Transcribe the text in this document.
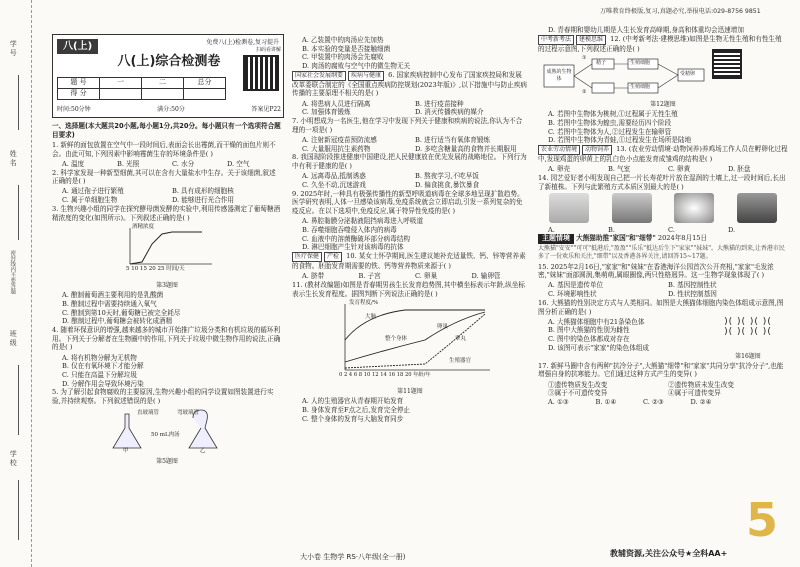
学号
姓名
密封线内不要答题
班级
学校
八(上)	免费八(上)检测卷,复习提升
八(上)综合检测卷
题 号	一	二	总分
得 分			
扫码看讲解
时间:50分钟	满分:50分	答案见P22
一、选择题(本大题共20小题,每小题1分,共20分。每小题只有一个选项符合题目要求)
1. 新鲜的面包放置在空气中一段时间后,表面会长出霉菌,而干燥的面包片则不会。由此可知,下列因素中影响霉菌生存的环境条件是( )
A. 温度	B. 光照	C. 水分	D. 空气
2. 科学家发现一种新型细菌,其可以在含有大量盐水中生存。关于该细菌,叙述正确的是( )
A. 通过孢子进行繁殖	B. 具有成形的细胞核
C. 属于单细胞生物	D. 能够进行光合作用
3. 生物兴趣小组的同学在探究酵母菌发酵的实验中,利用传感器测定了葡萄糖酒精浓度的变化(如图所示)。下列叙述正确的是( )
酒精浓度
5 10 15 20 25 时间/天
第3题图
A. 酿制葡萄酒主要利用的是乳酸菌
B. 酿制过程中需要持续通入氧气
C. 酿制到第10天时,葡萄糖已被完全耗尽
D. 酿制过程中,葡萄糖会被转化成酒精
4. 随着环保意识的增强,越来越多的城市开始推广垃圾分类和有机垃圾的循环利用。下列关于分解者在生物圈中的作用,下列关于垃圾中微生物作用的说法,正确的是( )
A. 将有机物分解为无机物
B. 仅在有氧环境下才能分解
C. 只能在高温下分解垃圾
D. 分解作用会导致环境污染
5. 为了解引起食物腐败的主要原因,生物兴趣小组的同学设置如图装置进行实验,并持续观察。下列叙述错误的是( )
直玻璃管	弯玻璃管
50 mL肉汤
甲	乙
第5题图
A. 乙装置中的肉汤应先加热
B. 本实验的变量是否接触细菌
C. 甲装置中的肉汤会先腐败
D. 肉汤的腐败与空气中的微生物无关
国家社会发展纲要 疾病与健康 6. 国家疾病控制中心发布了国家疾控局和发展改革委联合制定的《全国重点疾病防控规划(2023年版)》,以下措施中与防止疾病传播的主要原理不相关的是( )
A. 将患病人员进行隔离	B. 进行疫苗接种
C. 加强体育锻炼	D. 消灭传播疾病的媒介
7. 小明想成为一名医生,他在学习中发现下列关于健康和疾病的说法,你认为不合理的一项是( )
A. 注射新冠疫苗预防流感	B. 进行适当有氧体育锻炼
C. 大量服用抗生素药物	D. 多吃含糖量高的食物并长期服用
8. 我国现阶段推进健康中国建设,把人民健康放在优先发展的战略地位。下列行为中有利于健康的是( )
A. 远离毒品,抵制诱惑	B. 熬夜学习,不吃早饭
C. 久坐不动,沉迷游戏	D. 偏食挑食,暴饮暴食
9. 2025年时,一种具有极强传播性的新型呼吸道病毒在全球多地呈现扩散趋势。医学研究表明,人体一旦感染该病毒,免疫系统就会立即启动,引发一系列复杂的免疫反应。在以下选项中,免疫反应,属于特异性免疫的是( )
A. 鼻腔黏膜分泌黏液阻挡病毒进入呼吸道
B. 吞噬细胞吞噬侵入体内的病毒
C. 血液中的溶菌酶破坏部分病毒结构
D. 淋巴细胞产生针对该病毒的抗体
医疗保健 产检 10. 某女士怀孕期间,医生建议她补充适量铁、钙、锌等营养素的食物。胚胎发育期需要的铁、钙等营养物质来源于( )
A. 脐带	B. 子宫	C. 卵巢	D. 输卵管
11. (教材改编题)如图是青春期男孩生长发育趋势图,其中横坐标表示年龄,纵坐标表示生长发育程度。据图判断下列说法正确的是( )
发育程度/%
大脑
整个身体
卵巢
睾丸
生殖器官
0 2 4 6 8 10 12 14 16 18 20 年龄/年
第11题图
A. 人的生殖器官从青春期开始发育
B. 身体发育至F点之后,发育完全停止
C. 整个身体的发育与大脑发育同步
万唯教育终极版,复习,真题必究,举报电话:029-8756 9851
D. 青春期和婴幼儿期是人生长发育高峰期,身高和体重均会迅速增加
中考新考法 建模思维 12. (中考新考法·建模思维)如图是生物无性生殖和有性生殖的过程示意图,下列叙述正确的是( )
成熟的生物体
精子	生殖细胞
生殖细胞
受精卵
①
②
第12题图
A. 若图中生物体为桃树,①过程属于无性生殖
B. 若图中生物体为蝗虫,需要经历四个阶段
C. 若图中生物体为人,②过程发生在输卵管
D. 若图中生物体为青蛙,①过程发生在场所是陆地
农业劳动情境 动物饲养 13. (农业劳动情境·动物饲养)养鸡场工作人员在孵卵化过程中,发现鸡蛋的卵黄上的乳白色小点能发育成雏鸡的结构是( )
A. 卵壳	B. 气室	C. 卵黄	D. 胚盘
14. 园艺爱好者小明发现自己把一片长寿花叶片放在湿润的土壤上,过一段时间后,长出了新植株。下列与此繁殖方式本质区别最大的是( )
A.	B.	C.	D.
主题情境 大熊猫助推"家国"和"细带" 2024年8月15日
大熊猫"安安""可可"抵港后,"盈盈""乐乐"抵达后生下"家家""妹妹"。大熊猫的到来,让香港市民多了一份欢乐和关注,"细带"以及香港各界关注,请回答15~17题。
15. 2025年2月16日,"家家"和"妹妹"在香港海洋公园首次公开亮相,"家家"毛发浓密,"妹妹"面部圆润,集萌萌,属眼圈像,两只性格迥异。这一生物学现象体现了( )
A. 基因是遗传单位	B. 基因控制性状
C. 环境影响性状	D. 性状控制基因
16. 大熊猫的性别决定方式与人类相同。如图是大熊猫体细胞内染色体组成示意图,图图分析正确的是( )
A. 大熊猫体细胞中有21条染色体
B. 图中大熊猫的性别为雌性
C. 图中的染色体都成对存在
D. 该图可表示"家家"的染色体组成
)( )( )( )(
)( )( )( )(
第16题图
17. 新鲜马圈中含有两种"抗冷分子",大熊猫"细带"和"家家"共同分享"抗冷分子",也能增强自身的抗寒能力。它们通过这种方式产生的变异( )
①遗传物质发生改变	②遗传物质未发生改变
③属于不可遗传变异	④属于可遗传变异
A. ①③	B. ①④	C. ②③	D. ②④
5
大小卷 生物学 RS·八年级(全一册)	教辅资源,关注公众号★全科AA+
